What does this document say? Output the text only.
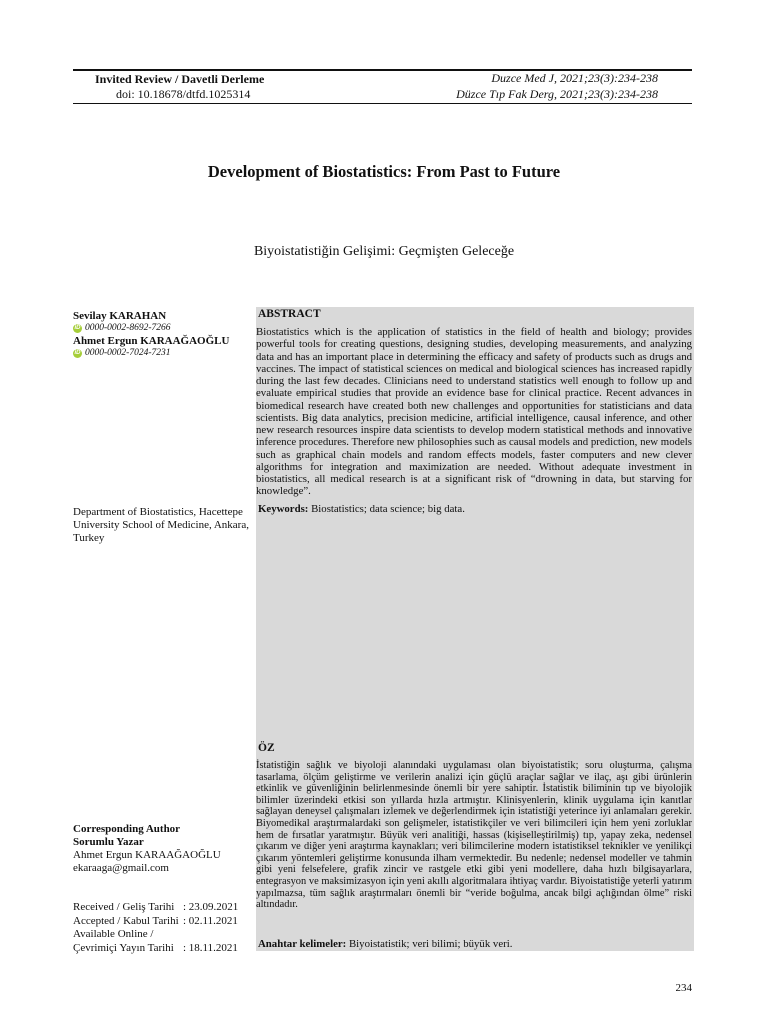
Invited Review / Davetli Derleme
doi: 10.18678/dtfd.1025314
Duzce Med J, 2021;23(3):234-238
Düzce Tıp Fak Derg, 2021;23(3):234-238
Development of Biostatistics: From Past to Future
Biyoistatistiğin Gelişimi: Geçmişten Geleceğe
Sevilay KARAHAN
iD 0000-0002-8692-7266
Ahmet Ergun KARAAĞAOĞLU
iD 0000-0002-7024-7231
Department of Biostatistics, Hacettepe University School of Medicine, Ankara, Turkey
Corresponding Author
Sorumlu Yazar
Ahmet Ergun KARAAĞAOĞLU
ekaraaga@gmail.com
Received / Geliş Tarihi : 23.09.2021
Accepted / Kabul Tarihi : 02.11.2021
Available Online /
Çevrimiçi Yayın Tarihi : 18.11.2021
ABSTRACT
Biostatistics which is the application of statistics in the field of health and biology; provides powerful tools for creating questions, designing studies, developing measurements, and analyzing data and has an important place in determining the efficacy and safety of products such as drugs and vaccines. The impact of statistical sciences on medical and biological sciences has increased rapidly during the last few decades. Clinicians need to understand statistics well enough to follow up and evaluate empirical studies that provide an evidence base for clinical practice. Recent advances in biomedical research have created both new challenges and opportunities for statisticians and data scientists. Big data analytics, precision medicine, artificial intelligence, causal inference, and other new research resources inspire data scientists to develop modern statistical methods and innovative inference procedures. Therefore new philosophies such as causal models and prediction, new models such as graphical chain models and random effects models, faster computers and new clever algorithms for integration and maximization are needed. Without adequate investment in biostatistics, all medical research is at a significant risk of “drowning in data, but starving for knowledge”.
Keywords: Biostatistics; data science; big data.
ÖZ
İstatistiğin sağlık ve biyoloji alanındaki uygulaması olan biyoistatistik; soru oluşturma, çalışma tasarlama, ölçüm geliştirme ve verilerin analizi için güçlü araçlar sağlar ve ilaç, aşı gibi ürünlerin etkinlik ve güvenliğinin belirlenmesinde önemli bir yere sahiptir. İstatistik biliminin tıp ve biyolojik bilimler üzerindeki etkisi son yıllarda hızla artmıştır. Klinisyenlerin, klinik uygulama için kanıtlar sağlayan deneysel çalışmaları izlemek ve değerlendirmek için istatistiği yeterince iyi anlamaları gerekir. Biyomedikal araştırmalardaki son gelişmeler, istatistikçiler ve veri bilimcileri için hem yeni zorluklar hem de fırsatlar yaratmıştır. Büyük veri analitiği, hassas (kişiselleştirilmiş) tıp, yapay zeka, nedensel çıkarım ve diğer yeni araştırma kaynakları; veri bilimcilerine modern istatistiksel teknikler ve yenilikçi çıkarım yöntemleri geliştirme konusunda ilham vermektedir. Bu nedenle; nedensel modeller ve tahmin gibi yeni felsefelere, grafik zincir ve rastgele etki gibi yeni modellere, daha hızlı bilgisayarlara, entegrasyon ve maksimizasyon için yeni akıllı algoritmalara ihtiyaç vardır. Biyoistatistiğe yeterli yatırım yapılmazsa, tüm sağlık araştırmaları önemli bir “veride boğulma, ancak bilgi açlığından ölme” riski altındadır.
Anahtar kelimeler: Biyoistatistik; veri bilimi; büyük veri.
234
